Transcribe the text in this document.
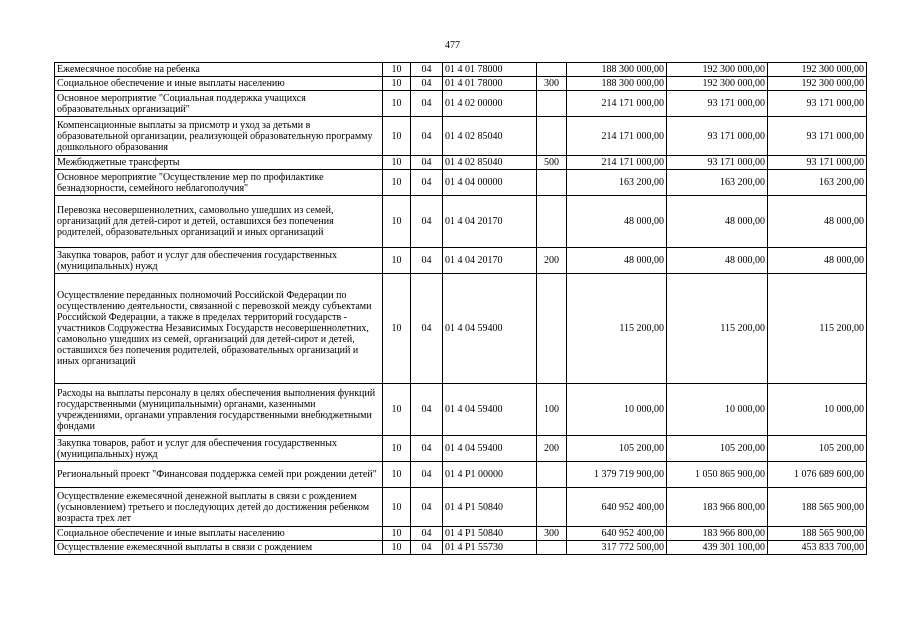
477
Ежемесячное пособие на ребенка	10	04	01 4 01 78000		188 300 000,00	192 300 000,00	192 300 000,00
Социальное обеспечение и иные выплаты населению	10	04	01 4 01 78000	300	188 300 000,00	192 300 000,00	192 300 000,00
Основное мероприятие "Социальная поддержка учащихся образовательных организаций"	10	04	01 4 02 00000		214 171 000,00	93 171 000,00	93 171 000,00
Компенсационные выплаты за присмотр и уход за детьми в образовательной организации, реализующей образовательную программу дошкольного образования	10	04	01 4 02 85040		214 171 000,00	93 171 000,00	93 171 000,00
Межбюджетные трансферты	10	04	01 4 02 85040	500	214 171 000,00	93 171 000,00	93 171 000,00
Основное мероприятие "Осуществление мер по профилактике безнадзорности, семейного неблагополучия"	10	04	01 4 04 00000		163 200,00	163 200,00	163 200,00
Перевозка несовершеннолетних, самовольно ушедших из семей, организаций для детей-сирот и детей, оставшихся без попечения родителей, образовательных организаций и иных организаций	10	04	01 4 04 20170		48 000,00	48 000,00	48 000,00
Закупка товаров, работ и услуг для обеспечения государственных (муниципальных) нужд	10	04	01 4 04 20170	200	48 000,00	48 000,00	48 000,00
Осуществление переданных полномочий Российской Федерации по осуществлению деятельности, связанной с перевозкой между субъектами Российской Федерации, а также в пределах территорий государств - участников Содружества Независимых Государств несовершеннолетних, самовольно ушедших из семей, организаций для детей-сирот и детей, оставшихся без попечения родителей, образовательных организаций и иных организаций	10	04	01 4 04 59400		115 200,00	115 200,00	115 200,00
Расходы на выплаты персоналу в целях обеспечения выполнения функций государственными (муниципальными) органами, казенными учреждениями, органами управления государственными внебюджетными фондами	10	04	01 4 04 59400	100	10 000,00	10 000,00	10 000,00
Закупка товаров, работ и услуг для обеспечения государственных (муниципальных) нужд	10	04	01 4 04 59400	200	105 200,00	105 200,00	105 200,00
Региональный проект "Финансовая поддержка семей при рождении детей"	10	04	01 4 P1 00000		1 379 719 900,00	1 050 865 900,00	1 076 689 600,00
Осуществление ежемесячной денежной выплаты в связи с рождением (усыновлением) третьего и последующих детей до достижения ребенком возраста трех лет	10	04	01 4 P1 50840		640 952 400,00	183 966 800,00	188 565 900,00
Социальное обеспечение и иные выплаты населению	10	04	01 4 P1 50840	300	640 952 400,00	183 966 800,00	188 565 900,00
Осуществление ежемесячной выплаты в связи с рождением	10	04	01 4 P1 55730		317 772 500,00	439 301 100,00	453 833 700,00
